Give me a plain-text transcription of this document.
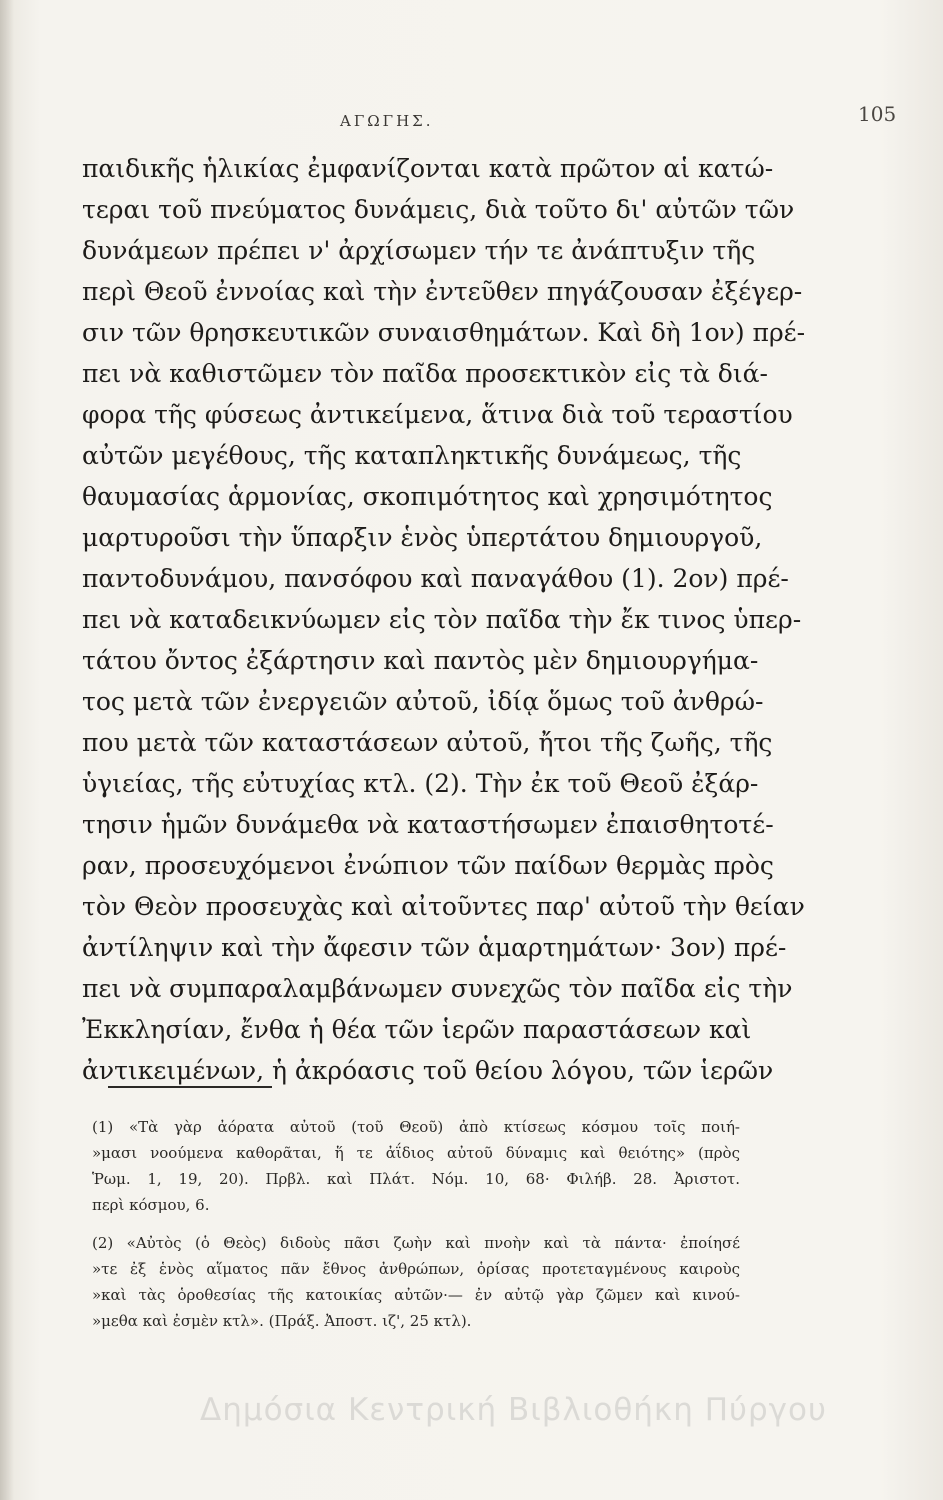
ΑΓΩΓΗΣ.	105
παιδικῆς ἡλικίας ἐμφανίζονται κατὰ πρῶτον αἱ κατώ-
τεραι τοῦ πνεύματος δυνάμεις, διὰ τοῦτο δι' αὐτῶν τῶν
δυνάμεων πρέπει ν' ἀρχίσωμεν τήν τε ἀνάπτυξιν τῆς
περὶ Θεοῦ ἐννοίας καὶ τὴν ἐντεῦθεν πηγάζουσαν ἐξέγερ-
σιν τῶν θρησκευτικῶν συναισθημάτων. Καὶ δὴ 1ον) πρέ-
πει νὰ καθιστῶμεν τὸν παῖδα προσεκτικὸν εἰς τὰ διά-
φορα τῆς φύσεως ἀντικείμενα, ἅτινα διὰ τοῦ τεραστίου
αὐτῶν μεγέθους, τῆς καταπληκτικῆς δυνάμεως, τῆς
θαυμασίας ἁρμονίας, σκοπιμότητος καὶ χρησιμότητος
μαρτυροῦσι τὴν ὕπαρξιν ἑνὸς ὑπερτάτου δημιουργοῦ,
παντοδυνάμου, πανσόφου καὶ παναγάθου (1). 2ον) πρέ-
πει νὰ καταδεικνύωμεν εἰς τὸν παῖδα τὴν ἔκ τινος ὑπερ-
τάτου ὄντος ἐξάρτησιν καὶ παντὸς μὲν δημιουργήμα-
τος μετὰ τῶν ἐνεργειῶν αὐτοῦ, ἰδίᾳ ὅμως τοῦ ἀνθρώ-
που μετὰ τῶν καταστάσεων αὐτοῦ, ἤτοι τῆς ζωῆς, τῆς
ὑγιείας, τῆς εὐτυχίας κτλ. (2). Τὴν ἐκ τοῦ Θεοῦ ἐξάρ-
τησιν ἡμῶν δυνάμεθα νὰ καταστήσωμεν ἐπαισθητοτέ-
ραν, προσευχόμενοι ἐνώπιον τῶν παίδων θερμὰς πρὸς
τὸν Θεὸν προσευχὰς καὶ αἰτοῦντες παρ' αὐτοῦ τὴν θείαν
ἀντίληψιν καὶ τὴν ἄφεσιν τῶν ἁμαρτημάτων· 3ον) πρέ-
πει νὰ συμπαραλαμβάνωμεν συνεχῶς τὸν παῖδα εἰς τὴν
Ἐκκλησίαν, ἔνθα ἡ θέα τῶν ἱερῶν παραστάσεων καὶ
ἀντικειμένων, ἡ ἀκρόασις τοῦ θείου λόγου, τῶν ἱερῶν
(1) «Τὰ γὰρ ἀόρατα αὐτοῦ (τοῦ Θεοῦ) ἀπὸ κτίσεως κόσμου τοῖς ποιή-
»μασι νοούμενα καθορᾶται, ἥ τε ἀΐδιος αὐτοῦ δύναμις καὶ θειότης» (πρὸς
Ῥωμ. 1, 19, 20). Πρβλ. καὶ Πλάτ. Νόμ. 10, 68· Φιλήβ. 28. Ἀριστοτ.
περὶ κόσμου, 6.
(2) «Αὐτὸς (ὁ Θεὸς) διδοὺς πᾶσι ζωὴν καὶ πνοὴν καὶ τὰ πάντα· ἐποίησέ
»τε ἐξ ἑνὸς αἵματος πᾶν ἔθνος ἀνθρώπων, ὁρίσας προτεταγμένους καιροὺς
»καὶ τὰς ὁροθεσίας τῆς κατοικίας αὐτῶν·— ἐν αὐτῷ γὰρ ζῶμεν καὶ κινού-
»μεθα καὶ ἐσμὲν κτλ». (Πράξ. Ἀποστ. ιζ', 25 κτλ).
Δημόσια Κεντρική Βιβλιοθήκη Πύργου
